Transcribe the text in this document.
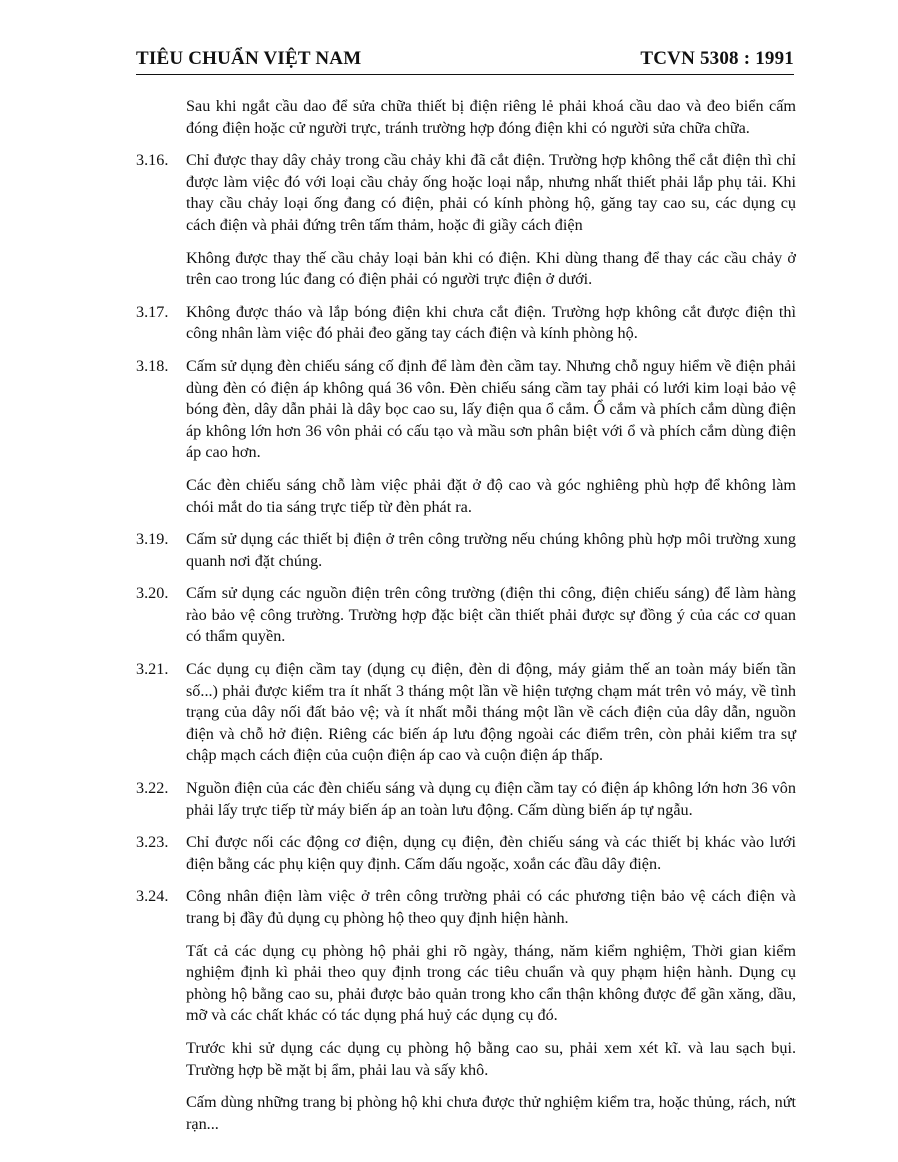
TIÊU CHUẨN VIỆT NAM	TCVN 5308 : 1991

Sau khi ngắt cầu dao để sửa chữa thiết bị điện riêng lẻ phải khoá cầu dao và đeo biển cấm đóng điện hoặc cử người trực, tránh trường hợp đóng điện khi có người sửa chữa chữa.

3.16.	Chỉ được thay dây chảy trong cầu chảy khi đã cắt điện. Trường hợp không thể cắt điện thì chỉ được làm việc đó với loại cầu chảy ống hoặc loại nắp, nhưng nhất thiết phải lắp phụ tải. Khi thay cầu chảy loại ống đang có điện, phải có kính phòng hộ, găng tay cao su, các dụng cụ cách điện và phải đứng trên tấm thảm, hoặc đi giầy cách điện

Không được thay thế cầu chảy loại bản khi có điện. Khi dùng thang để thay các cầu chảy ở trên cao trong lúc đang có điện phải có người trực điện ở dưới.

3.17.	Không được tháo và lắp bóng điện khi chưa cắt điện. Trường hợp không cắt được điện thì công nhân làm việc đó phải đeo găng tay cách điện và kính phòng hộ.

3.18.	Cấm sử dụng đèn chiếu sáng cố định để làm đèn cầm tay. Nhưng chỗ nguy hiểm về điện phải dùng đèn có điện áp không quá 36 vôn. Đèn chiếu sáng cầm tay phải có lưới kim loại bảo vệ bóng đèn, dây dẫn phải là dây bọc cao su, lấy điện qua ổ cắm. Ổ cắm và phích cắm dùng điện áp không lớn hơn 36 vôn phải có cấu tạo và mầu sơn phân biệt với ổ và phích cắm dùng điện áp cao hơn.

Các đèn chiếu sáng chỗ làm việc phải đặt ở độ cao và góc nghiêng phù hợp để không làm chói mắt do tia sáng trực tiếp từ đèn phát ra.

3.19.	Cấm sử dụng các thiết bị điện ở trên công trường nếu chúng không phù hợp môi trường xung quanh nơi đặt chúng.

3.20.	Cấm sử dụng các nguồn điện trên công trường (điện thi công, điện chiếu sáng) để làm hàng rào bảo vệ công trường. Trường hợp đặc biệt cần thiết phải được sự đồng ý của các cơ quan có thẩm quyền.

3.21.	Các dụng cụ điện cầm tay (dụng cụ điện, đèn di động, máy giảm thế an toàn máy biến tần số...) phải được kiểm tra ít nhất 3 tháng một lần về hiện tượng chạm mát trên vỏ máy, về tình trạng của dây nối đất bảo vệ; và ít nhất mỗi tháng một lần về cách điện của dây dẫn, nguồn điện và chỗ hở điện. Riêng các biến áp lưu động ngoài các điểm trên, còn phải kiểm tra sự chập mạch cách điện của cuộn điện áp cao và cuộn điện áp thấp.

3.22.	Nguồn điện của các đèn chiếu sáng và dụng cụ điện cầm tay có điện áp không lớn hơn 36 vôn phải lấy trực tiếp từ máy biến áp an toàn lưu động. Cấm dùng biến áp tự ngẫu.

3.23.	Chỉ được nối các động cơ điện, dụng cụ điện, đèn chiếu sáng và các thiết bị khác vào lưới điện bằng các phụ kiện quy định. Cấm dấu ngoặc, xoắn các đầu dây điện.

3.24.	Công nhân điện làm việc ở trên công trường phải có các phương tiện bảo vệ cách điện và trang bị đầy đủ dụng cụ phòng hộ theo quy định hiện hành.

Tất cả các dụng cụ phòng hộ phải ghi rõ ngày, tháng, năm kiểm nghiệm, Thời gian kiểm nghiệm định kì phải theo quy định trong các tiêu chuẩn và quy phạm hiện hành. Dụng cụ phòng hộ bằng cao su, phải được bảo quản trong kho cẩn thận không được để gần xăng, dầu, mỡ và các chất khác có tác dụng phá huỷ các dụng cụ đó.

Trước khi sử dụng các dụng cụ phòng hộ bằng cao su, phải xem xét kĩ. và lau sạch bụi. Trường hợp bề mặt bị ẩm, phải lau và sấy khô.

Cấm dùng những trang bị phòng hộ khi chưa được thử nghiệm kiểm tra, hoặc thủng, rách, nứt rạn...
